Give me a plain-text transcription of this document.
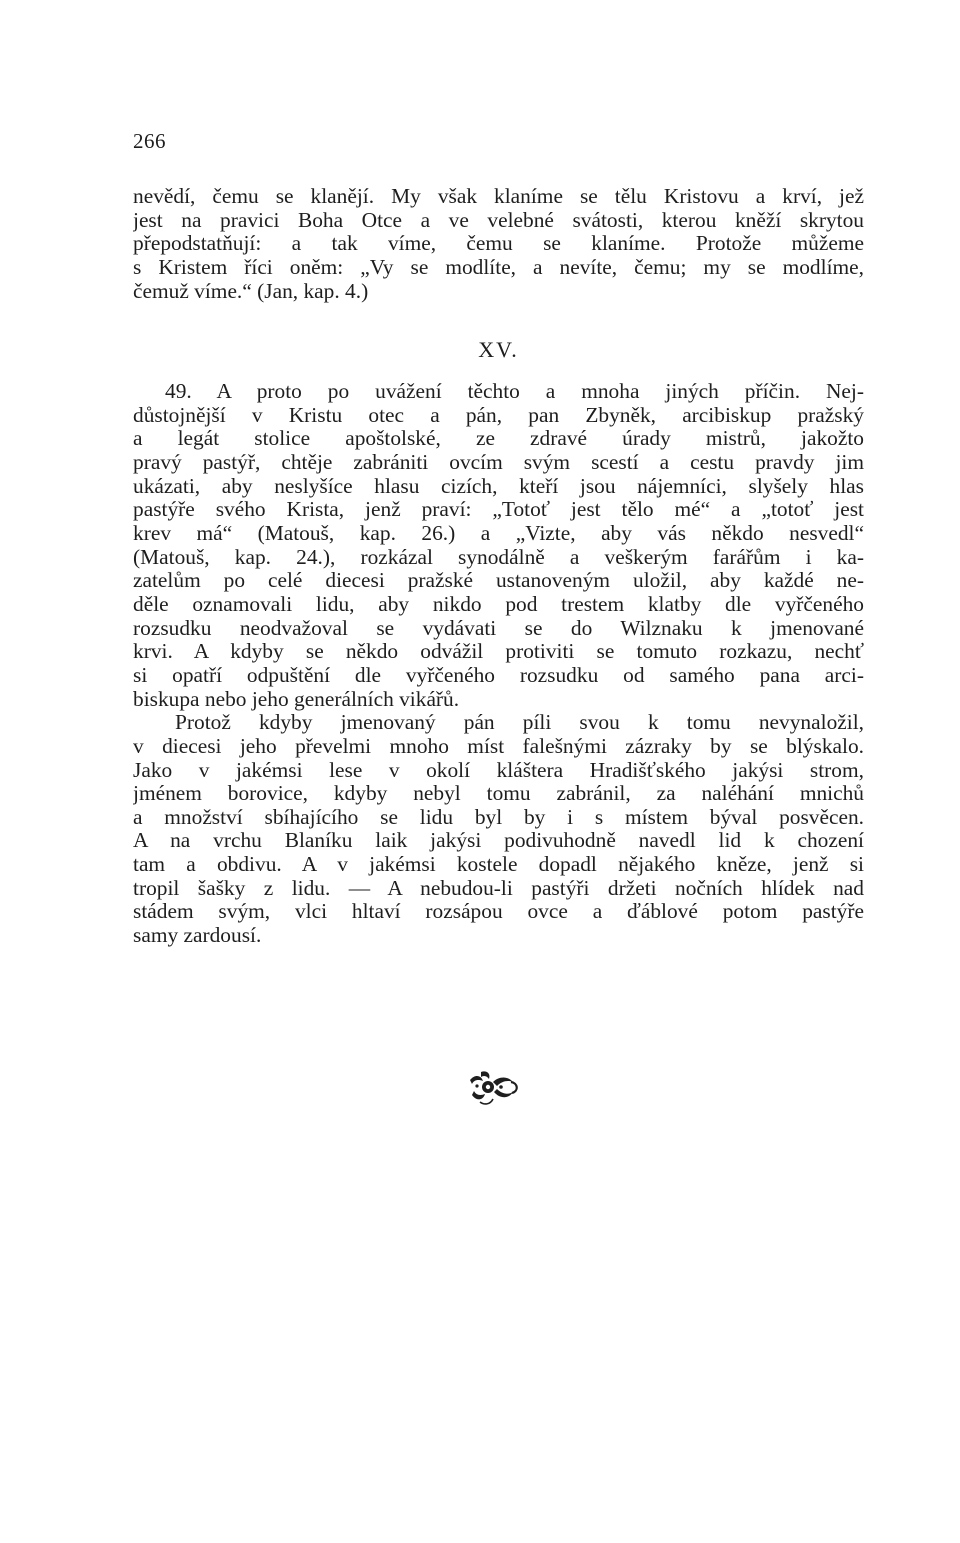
266
nevědí, čemu se klanějí. My však klaníme se tělu Kristovu a krví, jež
jest na pravici Boha Otce a ve velebné svátosti, kterou kněží skrytou
přepodstatňují: a tak víme, čemu se klaníme. Protože můžeme
s Kristem říci oněm: „Vy se modlíte, a nevíte, čemu; my se modlíme,
čemuž víme.“ (Jan, kap. 4.)
XV.
49. A proto po uvážení těchto a mnoha jiných příčin. Nej-
důstojnější v Kristu otec a pán, pan Zbyněk, arcibiskup pražský
a legát stolice apoštolské, ze zdravé úrady mistrů, jakožto
pravý pastýř, chtěje zabrániti ovcím svým scestí a cestu pravdy jim
ukázati, aby neslyšíce hlasu cizích, kteří jsou nájemníci, slyšely hlas
pastýře svého Krista, jenž praví: „Totoť jest tělo mé“ a „totoť jest
krev má“ (Matouš, kap. 26.) a „Vizte, aby vás někdo nesvedl“
(Matouš, kap. 24.), rozkázal synodálně a veškerým farářům i ka-
zatelům po celé diecesi pražské ustanoveným uložil, aby každé ne-
děle oznamovali lidu, aby nikdo pod trestem klatby dle vyřčeného
rozsudku neodvažoval se vydávati se do Wilznaku k jmenované
krvi. A kdyby se někdo odvážil protiviti se tomuto rozkazu, nechť
si opatří odpuštění dle vyřčeného rozsudku od samého pana arci-
biskupa nebo jeho generálních vikářů.
Protož kdyby jmenovaný pán píli svou k tomu nevynaložil,
v diecesi jeho převelmi mnoho míst falešnými zázraky by se blýskalo.
Jako v jakémsi lese v okolí kláštera Hradišťského jakýsi strom,
jménem borovice, kdyby nebyl tomu zabránil, za naléhání mnichů
a množství sbíhajícího se lidu byl by i s místem býval posvěcen.
A na vrchu Blaníku laik jakýsi podivuhodně navedl lid k chození
tam a obdivu. A v jakémsi kostele dopadl nějakého kněze, jenž si
tropil šašky z lidu. — A nebudou-li pastýři držeti nočních hlídek nad
stádem svým, vlci hltaví rozsápou ovce a ďáblové potom pastýře
samy zardousí.
